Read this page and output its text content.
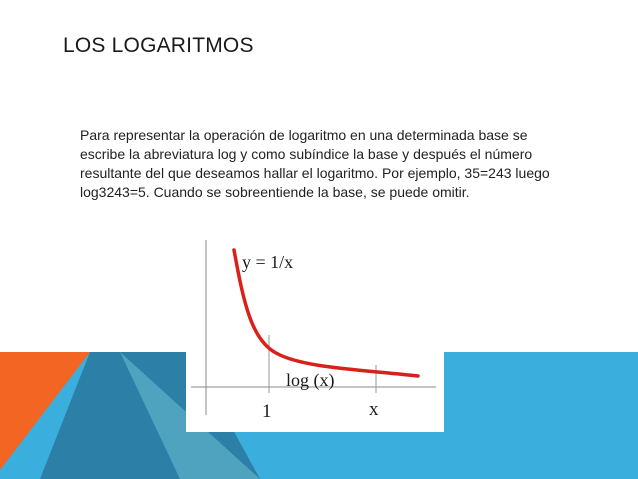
LOS LOGARITMOS
Para representar la operación de logaritmo en una determinada base se escribe la abreviatura log y como subíndice la base y después el número resultante del que deseamos hallar el logaritmo. Por ejemplo, 35=243 luego log3243=5. Cuando se sobreentiende la base, se puede omitir.
y = 1/x
log (x)
1	x
